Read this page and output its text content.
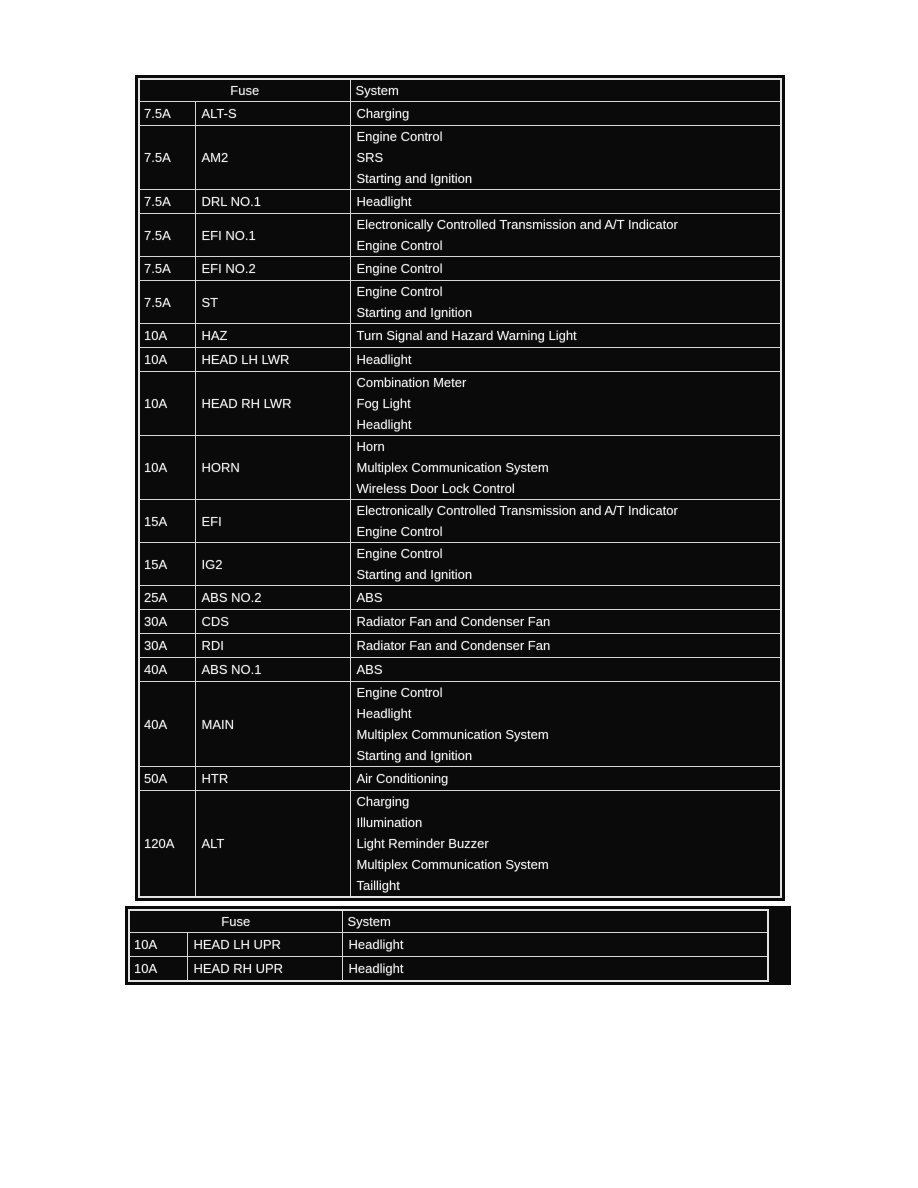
Fuse		System
7.5A	ALT-S	Charging

7.5A	AM2	Engine Control
SRS
Starting and Ignition

7.5A	DRL NO.1	Headlight

7.5A	EFI NO.1	Electronically Controlled Transmission and A/T Indicator
Engine Control

7.5A	EFI NO.2	Engine Control

7.5A	ST	Engine Control
Starting and Ignition

10A	HAZ	Turn Signal and Hazard Warning Light

10A	HEAD LH LWR	Headlight

10A	HEAD RH LWR	Combination Meter
Fog Light
Headlight

10A	HORN	Horn
Multiplex Communication System
Wireless Door Lock Control

15A	EFI	Electronically Controlled Transmission and A/T Indicator
Engine Control

15A	IG2	Engine Control
Starting and Ignition

25A	ABS NO.2	ABS

30A	CDS	Radiator Fan and Condenser Fan

30A	RDI	Radiator Fan and Condenser Fan

40A	ABS NO.1	ABS

40A	MAIN	Engine Control
Headlight
Multiplex Communication System
Starting and Ignition

50A	HTR	Air Conditioning

120A	ALT	Charging
Illumination
Light Reminder Buzzer
Multiplex Communication System
Taillight
Fuse		System
10A	HEAD LH UPR	Headlight

10A	HEAD RH UPR	Headlight
